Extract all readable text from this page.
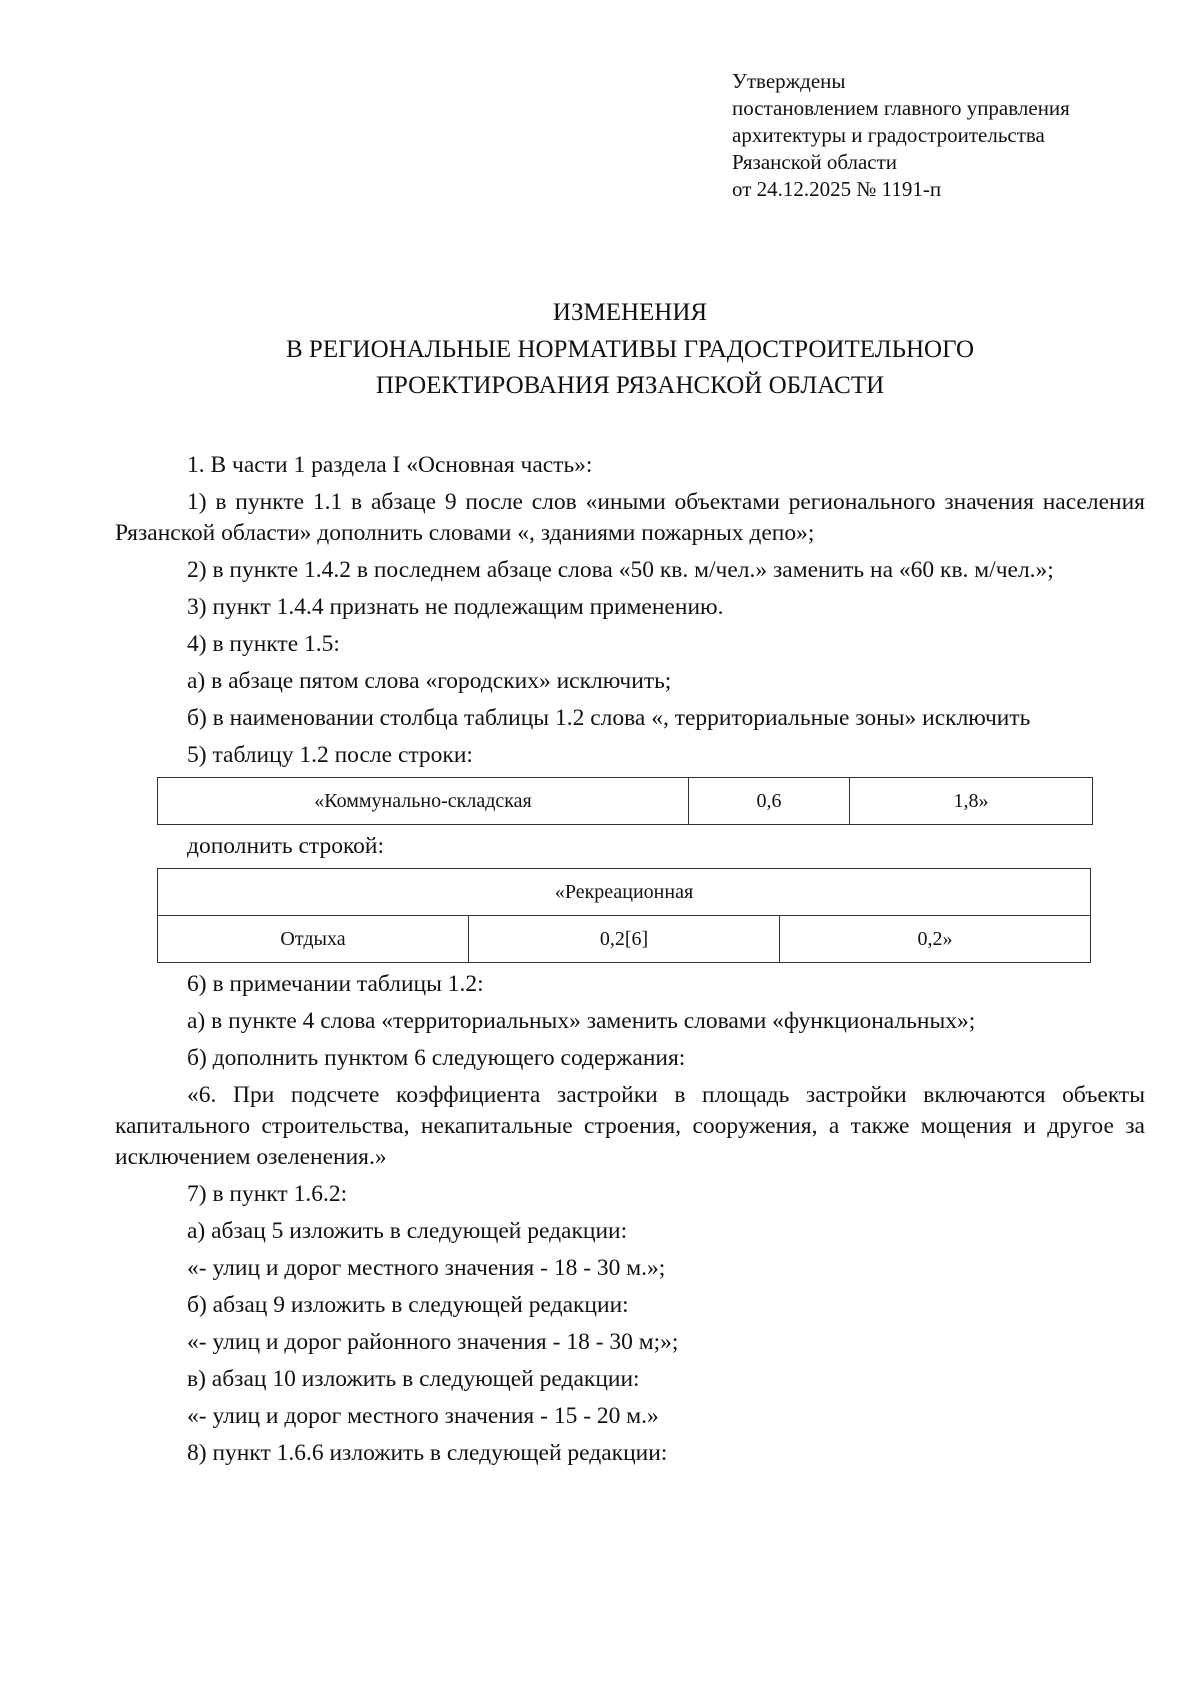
Утверждены
постановлением главного управления
архитектуры и градостроительства
Рязанской области
от 24.12.2025 № 1191-п
ИЗМЕНЕНИЯ
В РЕГИОНАЛЬНЫЕ НОРМАТИВЫ ГРАДОСТРОИТЕЛЬНОГО
ПРОЕКТИРОВАНИЯ РЯЗАНСКОЙ ОБЛАСТИ

1. В части 1 раздела I «Основная часть»:

1) в пункте 1.1 в абзаце 9 после слов «иными объектами регионального значения населения Рязанской области» дополнить словами «, зданиями пожарных депо»;

2) в пункте 1.4.2 в последнем абзаце слова «50 кв. м/чел.» заменить на «60 кв. м/чел.»;

3) пункт 1.4.4 признать не подлежащим применению.

4) в пункте 1.5:

а) в абзаце пятом слова «городских» исключить;

б) в наименовании столбца таблицы 1.2 слова «, территориальные зоны» исключить

5) таблицу 1.2 после строки:

«Коммунально-складская	0,6	1,8»

дополнить строкой:

«Рекреационная
Отдыха	0,2[6]	0,2»

6) в примечании таблицы 1.2:

а) в пункте 4 слова «территориальных» заменить словами «функциональных»;

б) дополнить пунктом 6 следующего содержания:

«6. При подсчете коэффициента застройки в площадь застройки включаются объекты капитального строительства, некапитальные строения, сооружения, а также мощения и другое за исключением озеленения.»

7) в пункт 1.6.2:

а) абзац 5 изложить в следующей редакции:

«- улиц и дорог местного значения - 18 - 30 м.»;

б) абзац 9 изложить в следующей редакции:

«- улиц и дорог районного значения - 18 - 30 м;»;

в) абзац 10 изложить в следующей редакции:

«- улиц и дорог местного значения - 15 - 20 м.»

8) пункт 1.6.6 изложить в следующей редакции:
